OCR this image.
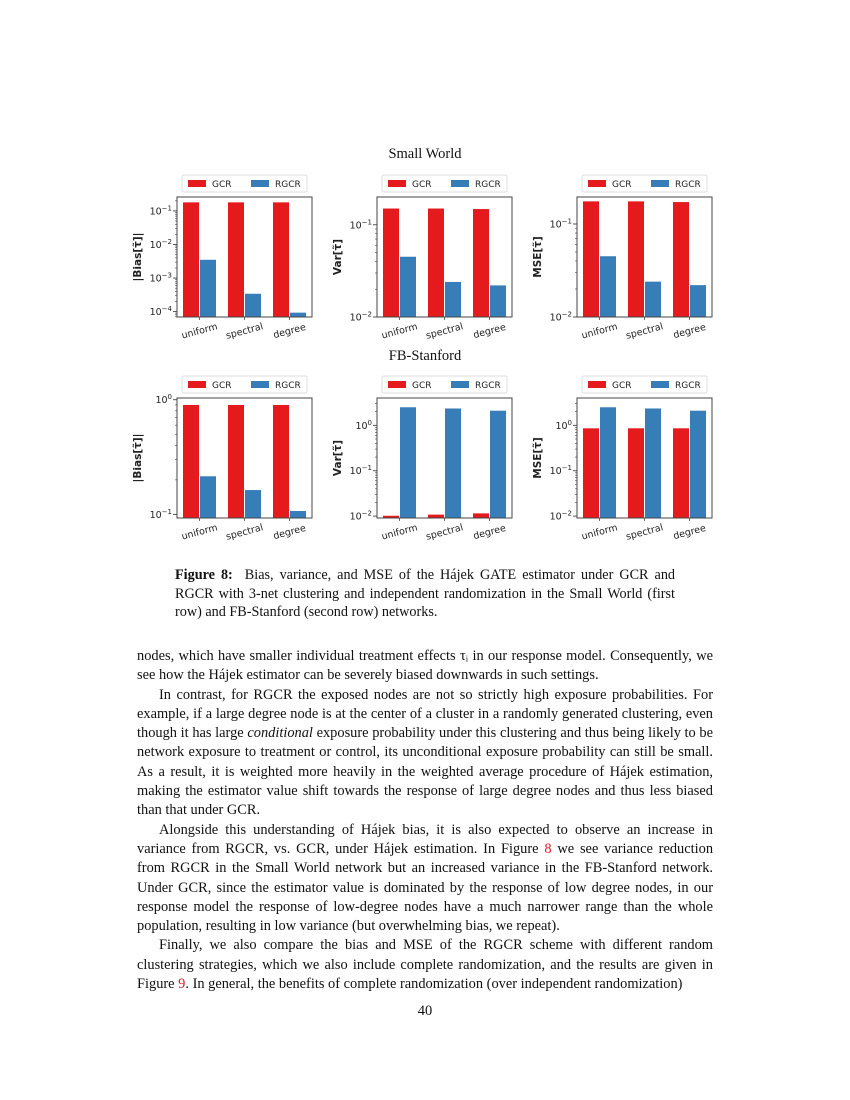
Small World
FB-Stanford
GCR	RGCR
uniform spectral degree
$10^{-4}$
$10^{-3}$
$10^{-2}$
$10^{-1}$
|Bias[τ̃]|
GCR	RGCR
uniform spectral degree
$10^{-2}$
$10^{-1}$
Var[τ̃]
GCR	RGCR
uniform spectral degree
$10^{-2}$
$10^{-1}$
MSE[τ̃]
GCR	RGCR
uniform spectral degree
$10^{-1}$
$10^0$
|Bias[τ̃]|
GCR	RGCR
uniform spectral degree
$10^{-2}$
$10^{-1}$
$10^0$
Var[τ̃]
GCR	RGCR
uniform spectral degree
$10^{-2}$
$10^{-1}$
$10^0$
MSE[τ̃]
Figure 8: Bias, variance, and MSE of the Hájek GATE estimator under GCR and RGCR with 3-net clustering and independent randomization in the Small World (first row) and FB-Stanford (second row) networks.

nodes, which have smaller individual treatment effects τᵢ in our response model. Consequently, we see how the Hájek estimator can be severely biased downwards in such settings.

In contrast, for RGCR the exposed nodes are not so strictly high exposure probabilities. For example, if a large degree node is at the center of a cluster in a randomly generated clustering, even though it has large conditional exposure probability under this clustering and thus being likely to be network exposure to treatment or control, its unconditional exposure probability can still be small. As a result, it is weighted more heavily in the weighted average procedure of Hájek estimation, making the estimator value shift towards the response of large degree nodes and thus less biased than that under GCR.

Alongside this understanding of Hájek bias, it is also expected to observe an increase in variance from RGCR, vs. GCR, under Hájek estimation. In Figure 8 we see variance reduction from RGCR in the Small World network but an increased variance in the FB-Stanford network. Under GCR, since the estimator value is dominated by the response of low degree nodes, in our response model the response of low-degree nodes have a much narrower range than the whole population, resulting in low variance (but overwhelming bias, we repeat).

Finally, we also compare the bias and MSE of the RGCR scheme with different random clustering strategies, which we also include complete randomization, and the results are given in Figure 9. In general, the benefits of complete randomization (over independent randomization)

40
